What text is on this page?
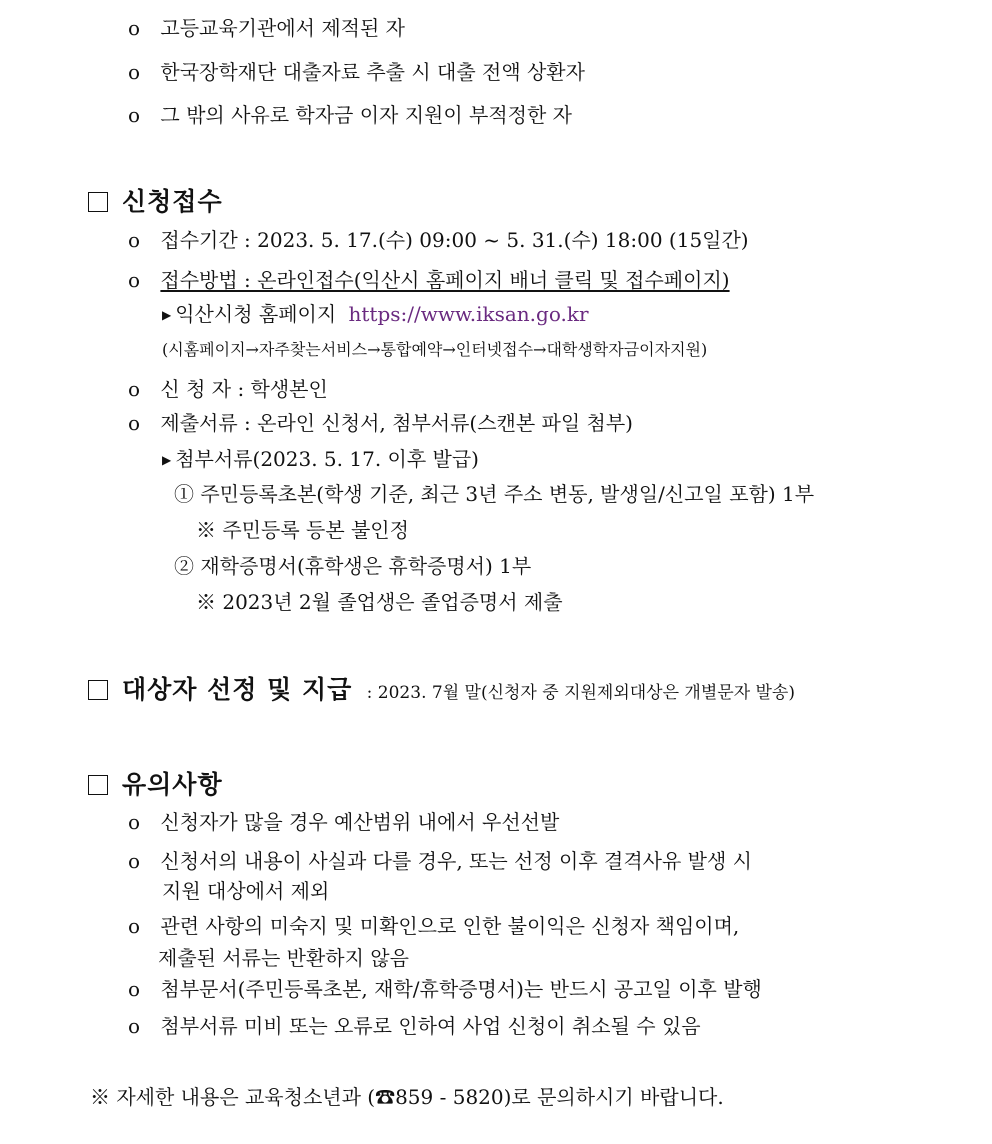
o 고등교육기관에서 제적된 자
o 한국장학재단 대출자료 추출 시 대출 전액 상환자
o 그 밖의 사유로 학자금 이자 지원이 부적정한 자
신청접수
o 접수기간 : 2023. 5. 17.(수) 09:00 ~ 5. 31.(수) 18:00 (15일간)
o 접수방법 : 온라인접수(익산시 홈페이지 배너 클릭 및 접수페이지)
▶ 익산시청 홈페이지 https://www.iksan.go.kr
(시홈페이지→자주찾는서비스→통합예약→인터넷접수→대학생학자금이자지원)
o 신 청 자 : 학생본인
o 제출서류 : 온라인 신청서, 첨부서류(스캔본 파일 첨부)
▶ 첨부서류(2023. 5. 17. 이후 발급)
① 주민등록초본(학생 기준, 최근 3년 주소 변동, 발생일/신고일 포함) 1부
※ 주민등록 등본 불인정
② 재학증명서(휴학생은 휴학증명서) 1부
※ 2023년 2월 졸업생은 졸업증명서 제출
대상자 선정 및 지급 : 2023. 7월 말(신청자 중 지원제외대상은 개별문자 발송)
유의사항
o 신청자가 많을 경우 예산범위 내에서 우선선발
o 신청서의 내용이 사실과 다를 경우, 또는 선정 이후 결격사유 발생 시
지원 대상에서 제외
o 관련 사항의 미숙지 및 미확인으로 인한 불이익은 신청자 책임이며,
제출된 서류는 반환하지 않음
o 첨부문서(주민등록초본, 재학/휴학증명서)는 반드시 공고일 이후 발행
o 첨부서류 미비 또는 오류로 인하여 사업 신청이 취소될 수 있음
※ 자세한 내용은 교육청소년과 (☎859 - 5820)로 문의하시기 바랍니다.
